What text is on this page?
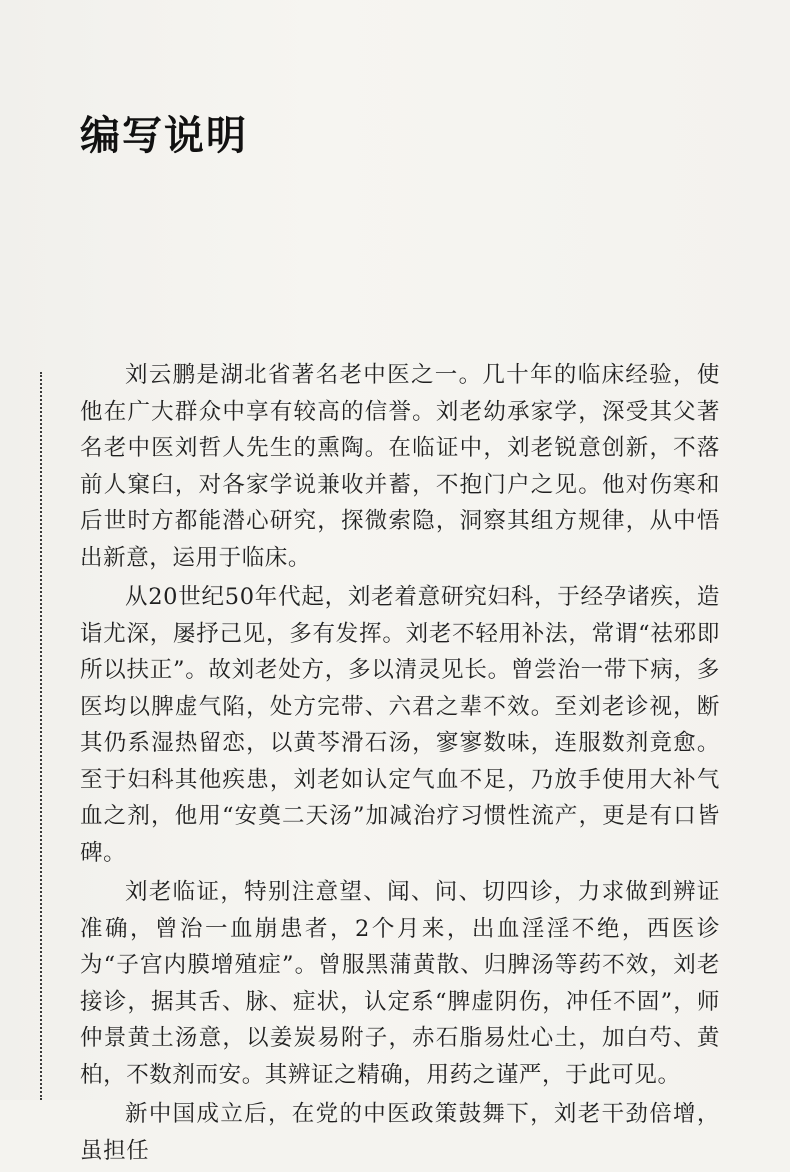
编写说明

刘云鹏是湖北省著名老中医之一。几十年的临床经验，使他在广大群众中享有较高的信誉。刘老幼承家学，深受其父著名老中医刘哲人先生的熏陶。在临证中，刘老锐意创新，不落前人窠臼，对各家学说兼收并蓄，不抱门户之见。他对伤寒和后世时方都能潜心研究，探微索隐，洞察其组方规律，从中悟出新意，运用于临床。

从20世纪50年代起，刘老着意研究妇科，于经孕诸疾，造诣尤深，屡抒己见，多有发挥。刘老不轻用补法，常谓“祛邪即所以扶正”。故刘老处方，多以清灵见长。曾尝治一带下病，多医均以脾虚气陷，处方完带、六君之辈不效。至刘老诊视，断其仍系湿热留恋，以黄芩滑石汤，寥寥数味，连服数剂竟愈。至于妇科其他疾患，刘老如认定气血不足，乃放手使用大补气血之剂，他用“安奠二天汤”加减治疗习惯性流产，更是有口皆碑。

刘老临证，特别注意望、闻、问、切四诊，力求做到辨证准确，曾治一血崩患者，2个月来，出血淫淫不绝，西医诊为“子宫内膜增殖症”。曾服黑蒲黄散、归脾汤等药不效，刘老接诊，据其舌、脉、症状，认定系“脾虚阴伤，冲任不固”，师仲景黄土汤意，以姜炭易附子，赤石脂易灶心土，加白芍、黄柏，不数剂而安。其辨证之精确，用药之谨严，于此可见。

新中国成立后，在党的中医政策鼓舞下，刘老干劲倍增，虽担任
